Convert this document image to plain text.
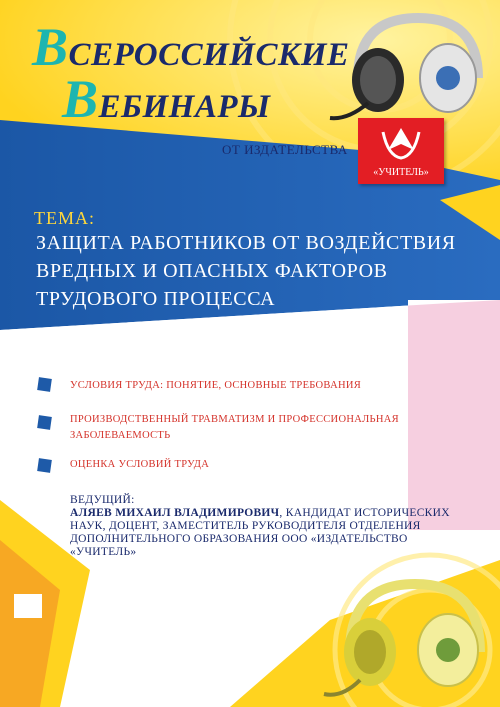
ВСЕРОССИЙСКИЕ
ВЕБИНАРЫ
ОТ ИЗДАТЕЛЬСТВА
«УЧИТЕЛЬ»
ТЕМА:
ЗАЩИТА РАБОТНИКОВ ОТ ВОЗДЕЙСТВИЯ
ВРЕДНЫХ И ОПАСНЫХ ФАКТОРОВ
ТРУДОВОГО ПРОЦЕССА
УСЛОВИЯ ТРУДА: ПОНЯТИЕ, ОСНОВНЫЕ ТРЕБОВАНИЯ
ПРОИЗВОДСТВЕННЫЙ ТРАВМАТИЗМ И ПРОФЕССИОНАЛЬНАЯ
ЗАБОЛЕВАЕМОСТЬ
ОЦЕНКА УСЛОВИЙ ТРУДА
ВЕДУЩИЙ:
АЛЯЕВ МИХАИЛ ВЛАДИМИРОВИЧ, КАНДИДАТ ИСТОРИЧЕСКИХ
НАУК, ДОЦЕНТ, ЗАМЕСТИТЕЛЬ РУКОВОДИТЕЛЯ ОТДЕЛЕНИЯ
ДОПОЛНИТЕЛЬНОГО ОБРАЗОВАНИЯ ООО «ИЗДАТЕЛЬСТВО
«УЧИТЕЛЬ»
